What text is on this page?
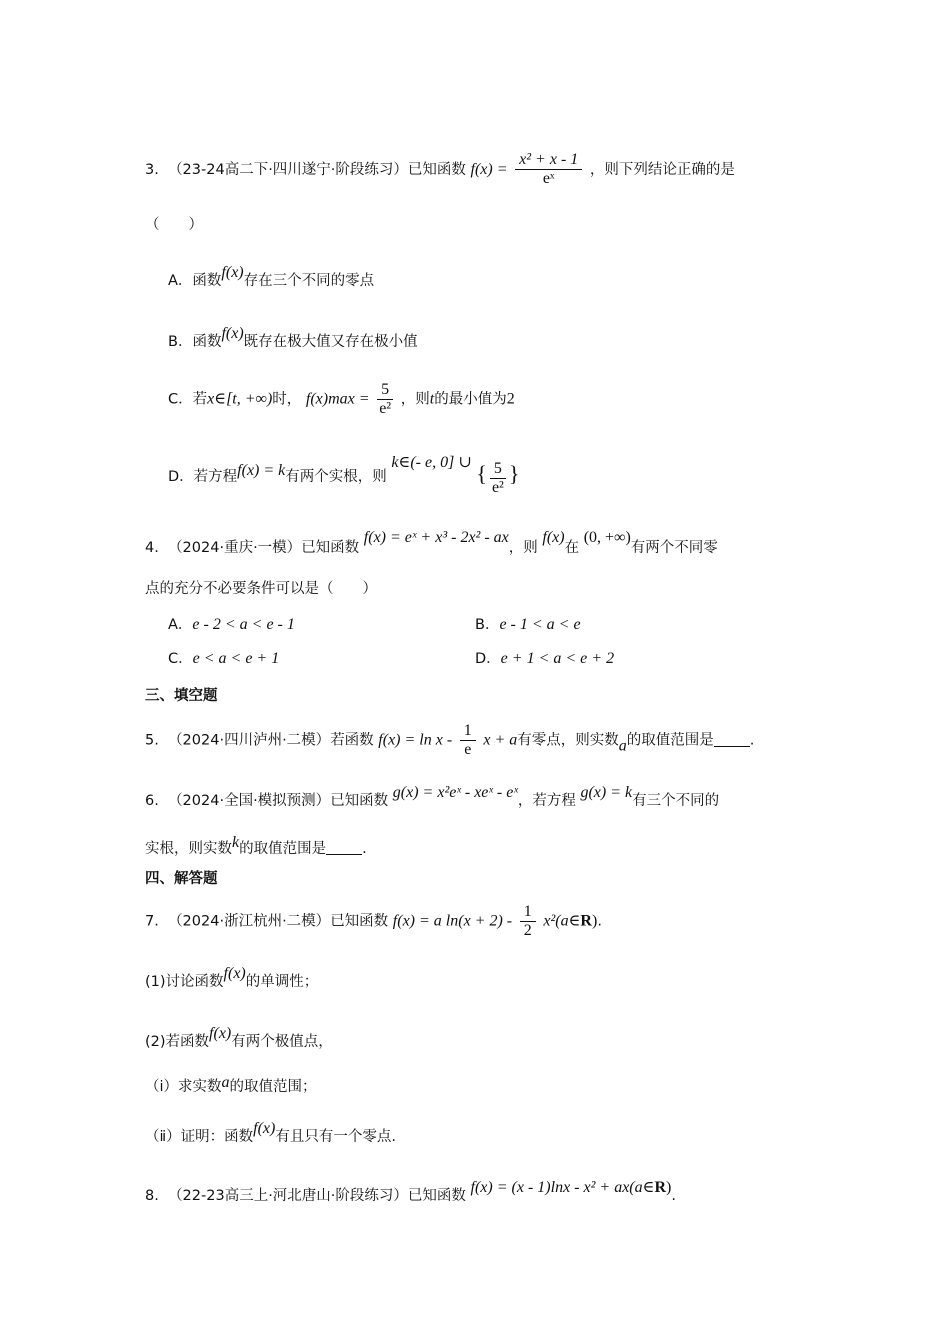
3. （23-24高二下·四川遂宁·阶段练习）已知函数 $f(x) = \frac{\text{x² + x - 1}}{\text{eˣ}}$ ，则下列结论正确的是
（　　）
A．函数f(x)存在三个不同的零点
B．函数f(x)既存在极大值又存在极小值
C．若x∈[t, +∞)时， $f(x)\max = \frac{5}{\text{e²}}$ ，则t的最小值为2
D．若方程f(x) = k有两个实根，则 k∈(- e, 0] ∪ { $\frac{5}{\text{e²}}$ }
4. （2024·重庆·一模）已知函数 f(x) = eˣ + x³ - 2x² - ax，则 f(x)在 (0, +∞)有两个不同零
点的充分不必要条件可以是（　　）
A．e - 2 < a < e - 1	B．e - 1 < a < e
C．e < a < e + 1	D．e + 1 < a < e + 2
三、填空题
5. （2024·四川泸州·二模）若函数 $f(x) = \ln x - \frac{1}{e}$ x + a有零点，则实数a的取值范围是 .
6. （2024·全国·模拟预测）已知函数 g(x) = x²eˣ - xeˣ - eˣ，若方程 g(x) = k有三个不同的
实根，则实数k的取值范围是 .
四、解答题
7. （2024·浙江杭州·二模）已知函数 f(x) = a $\ln(x + 2) - \frac{1}{2}$ x²(a∈R).
(1)讨论函数f(x)的单调性；
(2)若函数f(x)有两个极值点，
（ⅰ）求实数a的取值范围；
（ⅱ）证明：函数f(x)有且只有一个零点.
8. （22-23高三上·河北唐山·阶段练习）已知函数 f(x) = (x - 1)lnx - x² + ax(a∈R).
